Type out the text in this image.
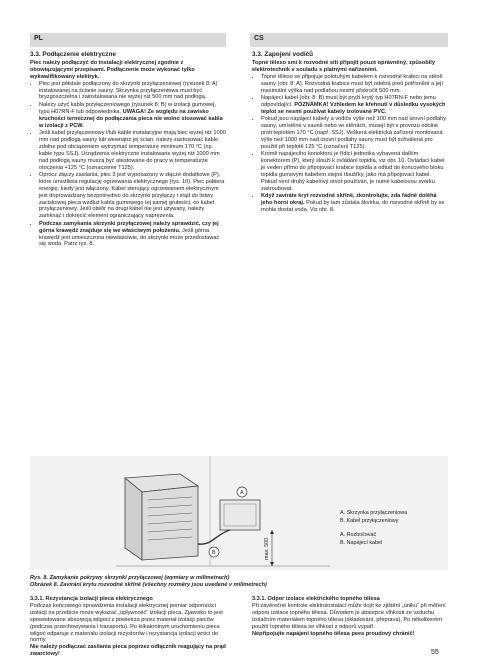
PL	CS

3.3. Podłączenie elektryczne

Piec należy podłączyć do instalacji elektrycznej zgodnie z obowiązującymi przepisami. Podłączenie może wykonać tylko wykwalifikowany elektryk.

• Piec jest półstale podłączony do skrzynki przyłączeniowej (rysunek 8: A) instalowanej na ścianie sauny. Skrzynka przyłączeniowa musi być bryzgoszczelna i zainstalowana nie wyżej niż 500 mm nad podłogą.
• Należy użyć kabla przyłączeniowego (rysunek 8: B) w izolacji gumowej, typu H07RN-F lub odpowiednika. UWAGA! Ze względu na zawisko kruchości termicznej do podłączania pieca nie wolno stosować kabla w izolacji z PCW.
• Jeśli kabel przyłączeniowy i/lub kable instalacyjne mają biec wyżej niż 1000 mm nad podłogą sauny lub wewnątrz jej ścian, należy zastosować kable zdolne pod obciążeniem wytrzymać temperaturę minimum 170 °C (np. kable typu SSJ). Urządzenia elektryczne instalowane wyżej niż 1000 mm nad podłogą sauny muszą być atestowane do pracy w temperaturze otoczenia +125 °C (oznaczenie T125).
• Oprócz złączy zasilania, piec 3 jest wyposażony w złącze dodatkowe (P), które umożliwia regulację ogrzewania elektrycznego (rys. 10). Piec pobiera energię, kiedy jest włączony. Kabel sterujący ogrzewaniem elektrycznym jest doprowadzany bezpośrednio do skrzynki przyłączy i stąd do listwy zaciskowej pieca wzdłuż kabla gumowego tej samej grubości, co kabel przyłączeniowy. Jeśli otwór na drugi kabel nie jest używany, należy zamknąć i dokręcić element ograniczający naprężenia.
• Podczas zamykania skrzynki przyłączowej należy sprawdzić, czy jej górna krawędź znajduje się we właściwym położeniu. Jeśli górna krawędź jest umieszczona niewłaściwie, do skrzynki może przedostawać się woda. Patrz rys. 8.

3.3. Zapojení vodičů

Topné těleso smí k rozvodné síti připojit pouze oprávněný, způsobilý elektrotechnik v souladu s platnými nařízeními.

• Topné těleso se připojuje polotuhým kabelem k rozvodné krabici na stěně sauny (obr. 8: A). Rozvodná krabice musí být odolná proti potřísnění a její maximální výška nad podlahou nesmí překročit 500 mm.
• Napájecí kabel (obr. 8: B) musí být pryží krytý typ H07RN-F nebo jemu odpovídající. POZNÁMKA! Vzhledem ke křehnutí v důsledku vysokých teplot se nesmí používat kabely izolované PVC.
• Pokud jsou napájecí kabely a vodiče výše než 100 mm nad úrovní podlahy sauny, umístěné v sauně nebo ve stěnách, musejí být v provozu odolné proti teplotám 170 °C (např. SSJ). Veškerá elektrická zařízení montovaná výše než 1000 mm nad úrovní podlahy sauny musí být schválená pro použití při teplotě 125 °C (označení T125).
• Kromě napájecího konektoru je řídicí jednotka vybavená dalším konektorem (P), který slouží k ovládání topidla, viz obr. 10. Ovládací kabel je veden přímo do připojovací krabice topidla a odtud do koncového bloku topidla gumovým kabelem stejné tloušťky, jako má připojovací kabel. Pokud není druhý kabelový otvor používán, je nutné kabelovou svorku zašroubovat.
• Když zavíráte kryt rozvodné skříně, zkontrolujte, zda řádně doléhá jeho horní okraj. Pokud by tam zůstala škvírka, do rozvodné skříně by se mohla dostat voda. Viz obr. 8.
max. 500
A
B
A. Skrzynka przyłączeniowa
B. Kabel przyłączeniowy
A. Rozbočovač
B. Napájecí kabel
Rys. 8. Zamykanie pokrywy skrzynki przyłączowej (wymiary w milimetrach)
Obrázek 8. Zavírání krytu rozvodné skříně (všechny rozměry jsou uvedené v milimetrech)

3.3.1. Rezystancja izolacji pieca elektrycznego

Podczas końcowego sprawdzenia instalacji elektrycznej pomiar odporności izolacji na przebicie może wykazać „upływność” izolacji pieca. Zjawisko to jest spowodowane absorpcją wilgoci z powietrza przez materiał izolacji pieców (podczas przechowywania i transportu). Po kilkakrotnym uruchomieniu pieca wilgoć odparuje z materiału izolacji rezystorów i rezystancja izolacji wróci do normy.

Nie należy podłączać zasilania pieca poprzez odłącznik reagujący na prąd zwarciowy!

3.3.1. Odpor izolace elektrického topného tělesa

Při závěrečné kontrole elektroinstalací může dojít ke zjištění „úniku” při měření odporu izolace topného tělesa. Důvodem je absorpce vlhkosti ze vzduchu izolačním materiálem topného tělesa (skladování, přeprava). Po několikerém použití topného tělesa se vlhkost z odporů vypaří.

Nepřipojujte napájení topného tělesa pees proudový chránič!

55
